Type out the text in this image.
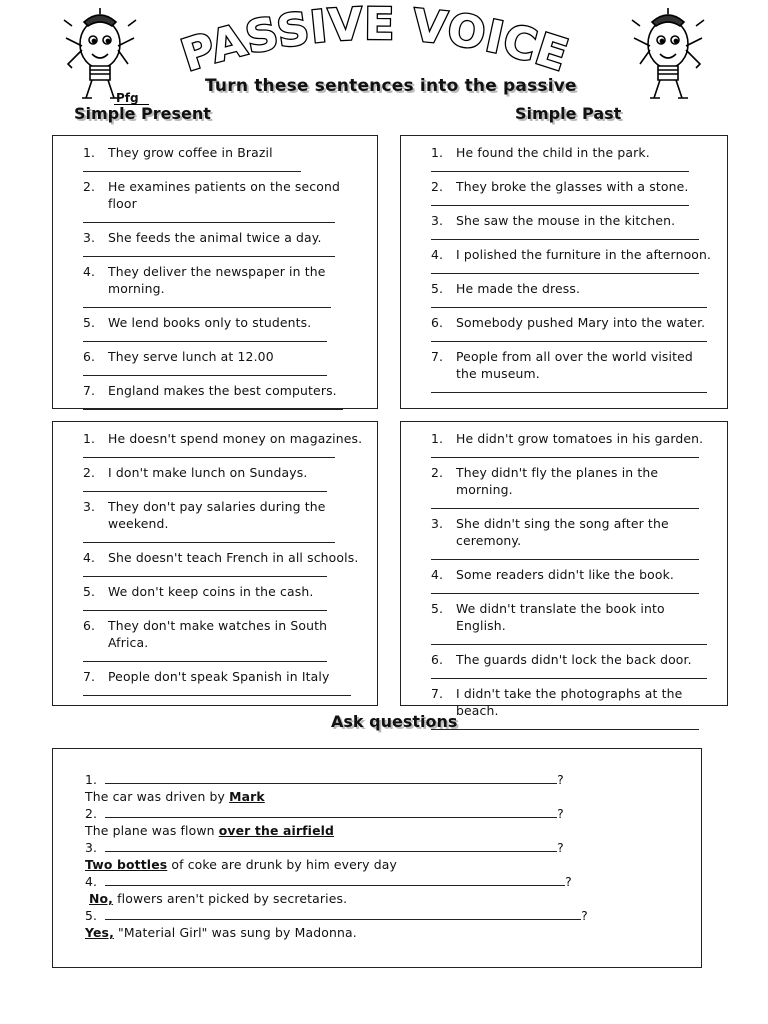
PASSIVE VOICE
Turn these sentences into the passive
Pfg
Simple Present	Simple Past
1. They grow coffee in Brazil
2. He examines patients on the second floor
3. She feeds the animal twice a day.
4. They deliver the newspaper in the morning.
5. We lend books only to students.
6. They serve lunch at 12.00
7. England makes the best computers.
1. He found the child in the park.
2. They broke the glasses with a stone.
3. She saw the mouse in the kitchen.
4. I polished the furniture in the afternoon.
5. He made the dress.
6. Somebody pushed Mary into the water.
7. People from all over the world visited the museum.
1. He doesn't spend money on magazines.
2. I don't make lunch on Sundays.
3. They don't pay salaries during the weekend.
4. She doesn't teach French in all schools.
5. We don't keep coins in the cash.
6. They don't make watches in South Africa.
7. People don't speak Spanish in Italy
1. He didn't grow tomatoes in his garden.
2. They didn't fly the planes in the morning.
3. She didn't sing the song after the ceremony.
4. Some readers didn't like the book.
5. We didn't translate the book into English.
6. The guards didn't lock the back door.
7. I didn't take the photographs at the beach.
Ask questions
1.	?
The car was driven by Mark
2.	?
The plane was flown over the airfield
3.	?
Two bottles of coke are drunk by him every day
4.	?
No, flowers aren't picked by secretaries.
5.	?
Yes, "Material Girl" was sung by Madonna.
